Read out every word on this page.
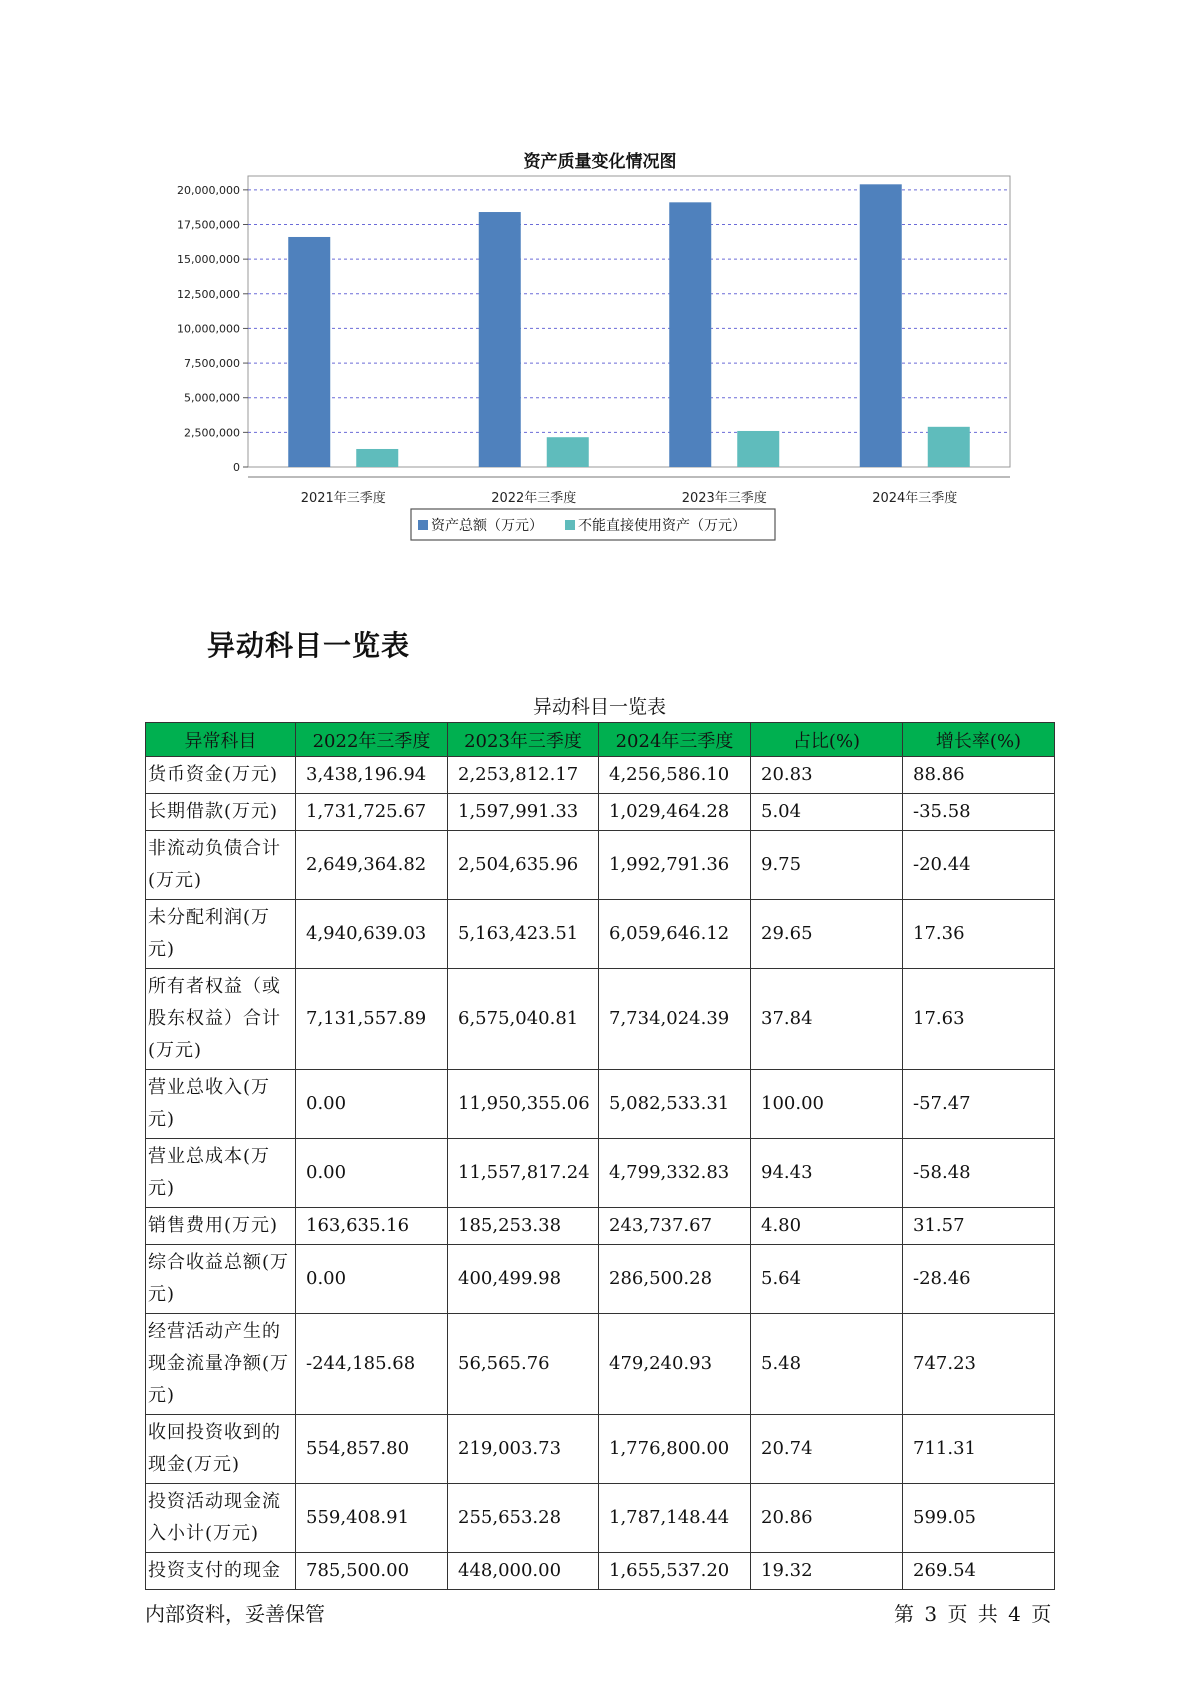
资产质量变化情况图
0
2,500,000
5,000,000
7,500,000
10,000,000
12,500,000
15,000,000
17,500,000
20,000,000
2021年三季度	2022年三季度	2023年三季度	2024年三季度
资产总额（万元）	不能直接使用资产（万元）
异动科目一览表
异动科目一览表
异常科目	2022年三季度	2023年三季度	2024年三季度	占比(%)	增长率(%)
货币资金(万元)	3,438,196.94	2,253,812.17	4,256,586.10	20.83	88.86
长期借款(万元)	1,731,725.67	1,597,991.33	1,029,464.28	5.04	-35.58
非流动负债合计(万元)	2,649,364.82	2,504,635.96	1,992,791.36	9.75	-20.44
未分配利润(万元)	4,940,639.03	5,163,423.51	6,059,646.12	29.65	17.36
所有者权益（或股东权益）合计(万元)	7,131,557.89	6,575,040.81	7,734,024.39	37.84	17.63
营业总收入(万元)	0.00	11,950,355.06	5,082,533.31	100.00	-57.47
营业总成本(万元)	0.00	11,557,817.24	4,799,332.83	94.43	-58.48
销售费用(万元)	163,635.16	185,253.38	243,737.67	4.80	31.57
综合收益总额(万元)	0.00	400,499.98	286,500.28	5.64	-28.46
经营活动产生的现金流量净额(万元)	-244,185.68	56,565.76	479,240.93	5.48	747.23
收回投资收到的现金(万元)	554,857.80	219,003.73	1,776,800.00	20.74	711.31
投资活动现金流入小计(万元)	559,408.91	255,653.28	1,787,148.44	20.86	599.05
投资支付的现金	785,500.00	448,000.00	1,655,537.20	19.32	269.54
内部资料，妥善保管	第 3 页 共 4 页
